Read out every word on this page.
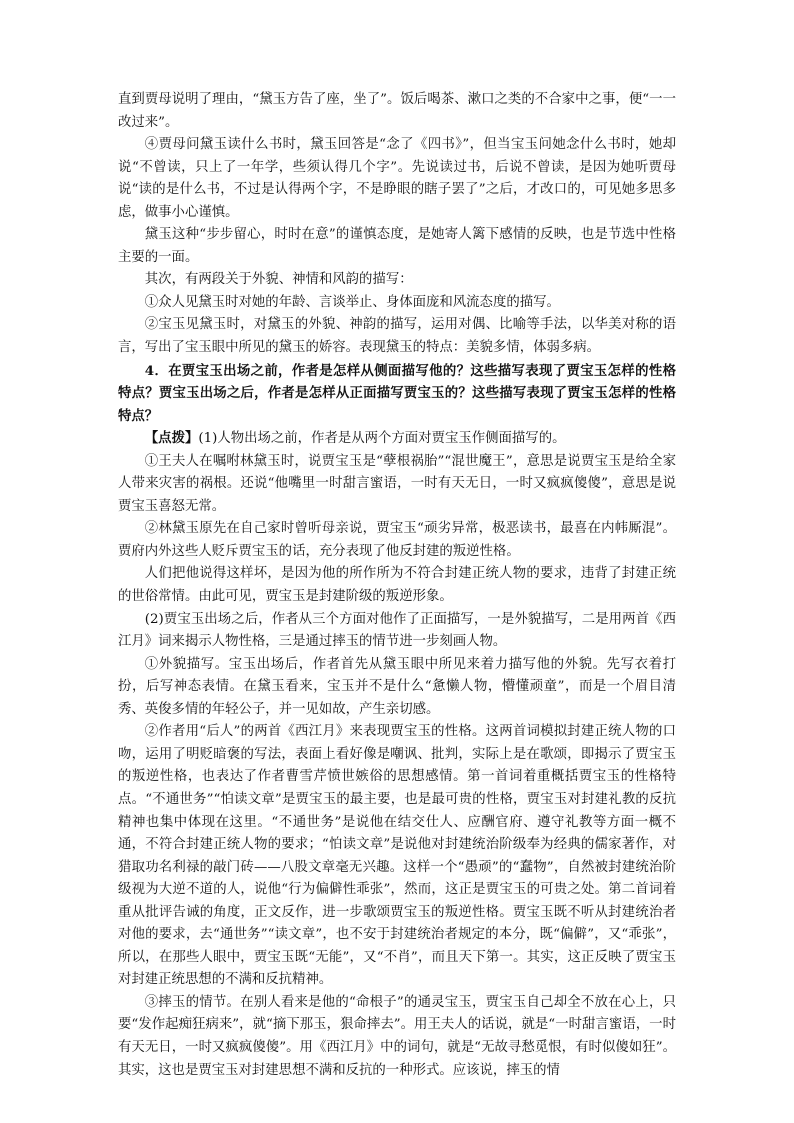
直到贾母说明了理由，“黛玉方告了座，坐了”。饭后喝茶、漱口之类的不合家中之事，便“一一改过来”。

④贾母问黛玉读什么书时，黛玉回答是“念了《四书》”，但当宝玉问她念什么书时，她却说“不曾读，只上了一年学，些须认得几个字”。先说读过书，后说不曾读，是因为她听贾母说“读的是什么书，不过是认得两个字，不是睁眼的瞎子罢了”之后，才改口的，可见她多思多虑，做事小心谨慎。

黛玉这种“步步留心，时时在意”的谨慎态度，是她寄人篱下感情的反映，也是节选中性格主要的一面。

其次，有两段关于外貌、神情和风韵的描写：

①众人见黛玉时对她的年龄、言谈举止、身体面庞和风流态度的描写。

②宝玉见黛玉时，对黛玉的外貌、神韵的描写，运用对偶、比喻等手法，以华美对称的语言，写出了宝玉眼中所见的黛玉的娇容。表现黛玉的特点：美貌多情，体弱多病。

4．在贾宝玉出场之前，作者是怎样从侧面描写他的？这些描写表现了贾宝玉怎样的性格特点？贾宝玉出场之后，作者是怎样从正面描写贾宝玉的？这些描写表现了贾宝玉怎样的性格特点？

【点拨】(1)人物出场之前，作者是从两个方面对贾宝玉作侧面描写的。

①王夫人在嘱咐林黛玉时，说贾宝玉是“孽根祸胎”“混世魔王”，意思是说贾宝玉是给全家人带来灾害的祸根。还说“他嘴里一时甜言蜜语，一时有天无日，一时又疯疯傻傻”，意思是说贾宝玉喜怒无常。

②林黛玉原先在自己家时曾听母亲说，贾宝玉“顽劣异常，极恶读书，最喜在内帏厮混”。贾府内外这些人贬斥贾宝玉的话，充分表现了他反封建的叛逆性格。

人们把他说得这样坏，是因为他的所作所为不符合封建正统人物的要求，违背了封建正统的世俗常情。由此可见，贾宝玉是封建阶级的叛逆形象。

(2)贾宝玉出场之后，作者从三个方面对他作了正面描写，一是外貌描写，二是用两首《西江月》词来揭示人物性格，三是通过摔玉的情节进一步刻画人物。

①外貌描写。宝玉出场后，作者首先从黛玉眼中所见来着力描写他的外貌。先写衣着打扮，后写神态表情。在黛玉看来，宝玉并不是什么“惫懒人物，懵懂顽童”，而是一个眉目清秀、英俊多情的年轻公子，并一见如故，产生亲切感。

②作者用“后人”的两首《西江月》来表现贾宝玉的性格。这两首词模拟封建正统人物的口吻，运用了明贬暗褒的写法，表面上看好像是嘲讽、批判，实际上是在歌颂，即揭示了贾宝玉的叛逆性格，也表达了作者曹雪芹愤世嫉俗的思想感情。第一首词着重概括贾宝玉的性格特点。“不通世务”“怕读文章”是贾宝玉的最主要，也是最可贵的性格，贾宝玉对封建礼教的反抗精神也集中体现在这里。“不通世务”是说他在结交仕人、应酬官府、遵守礼教等方面一概不通，不符合封建正统人物的要求；“怕读文章”是说他对封建统治阶级奉为经典的儒家著作，对猎取功名利禄的敲门砖——八股文章毫无兴趣。这样一个“愚顽”的“蠢物”，自然被封建统治阶级视为大逆不道的人，说他“行为偏僻性乖张”，然而，这正是贾宝玉的可贵之处。第二首词着重从批评告诫的角度，正文反作，进一步歌颂贾宝玉的叛逆性格。贾宝玉既不听从封建统治者对他的要求，去“通世务”“读文章”，也不安于封建统治者规定的本分，既“偏僻”，又“乖张”，所以，在那些人眼中，贾宝玉既“无能”，又“不肖”，而且天下第一。其实，这正反映了贾宝玉对封建正统思想的不满和反抗精神。

③摔玉的情节。在别人看来是他的“命根子”的通灵宝玉，贾宝玉自己却全不放在心上，只要“发作起痴狂病来”，就“摘下那玉，狠命摔去”。用王夫人的话说，就是“一时甜言蜜语，一时有天无日，一时又疯疯傻傻”。用《西江月》中的词句，就是“无故寻愁觅恨，有时似傻如狂”。其实，这也是贾宝玉对封建思想不满和反抗的一种形式。应该说，摔玉的情
